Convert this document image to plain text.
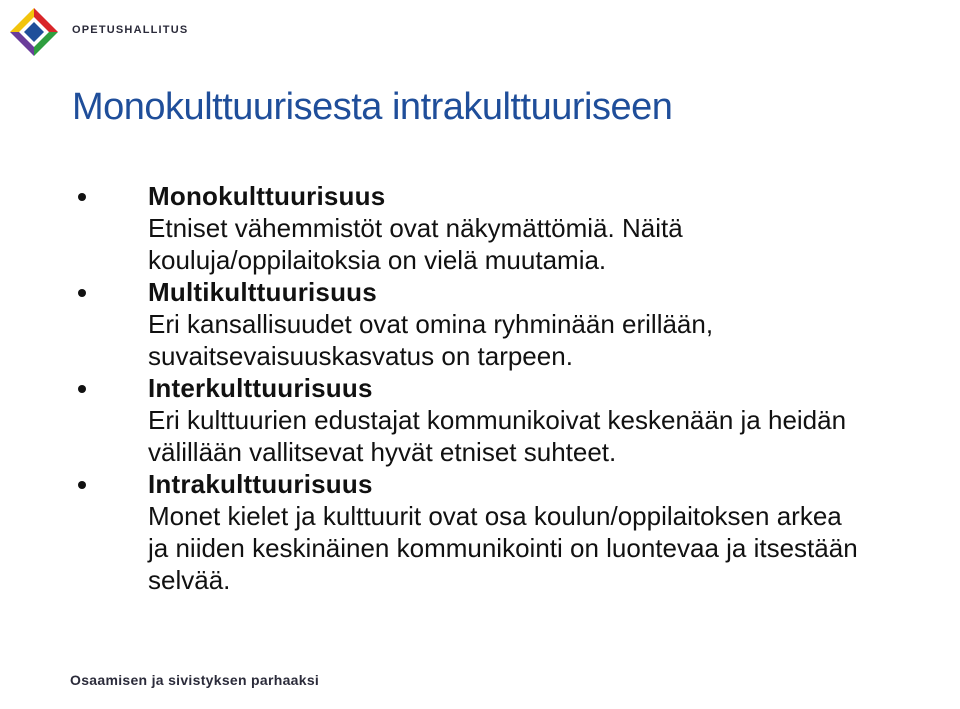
OPETUSHALLITUS
Monokulttuurisesta intrakulttuuriseen
Monokulttuurisuus
Etniset vähemmistöt ovat näkymättömiä. Näitä kouluja/oppilaitoksia on vielä muutamia.
Multikulttuurisuus
Eri kansallisuudet ovat omina ryhminään erillään, suvaitsevaisuuskasvatus on tarpeen.
Interkulttuurisuus
Eri kulttuurien edustajat kommunikoivat keskenään ja heidän välillään vallitsevat hyvät etniset suhteet.
Intrakulttuurisuus
Monet kielet ja kulttuurit ovat osa koulun/oppilaitoksen arkea ja niiden keskinäinen kommunikointi on luontevaa ja itsestään selvää.
Osaamisen ja sivistyksen parhaaksi
